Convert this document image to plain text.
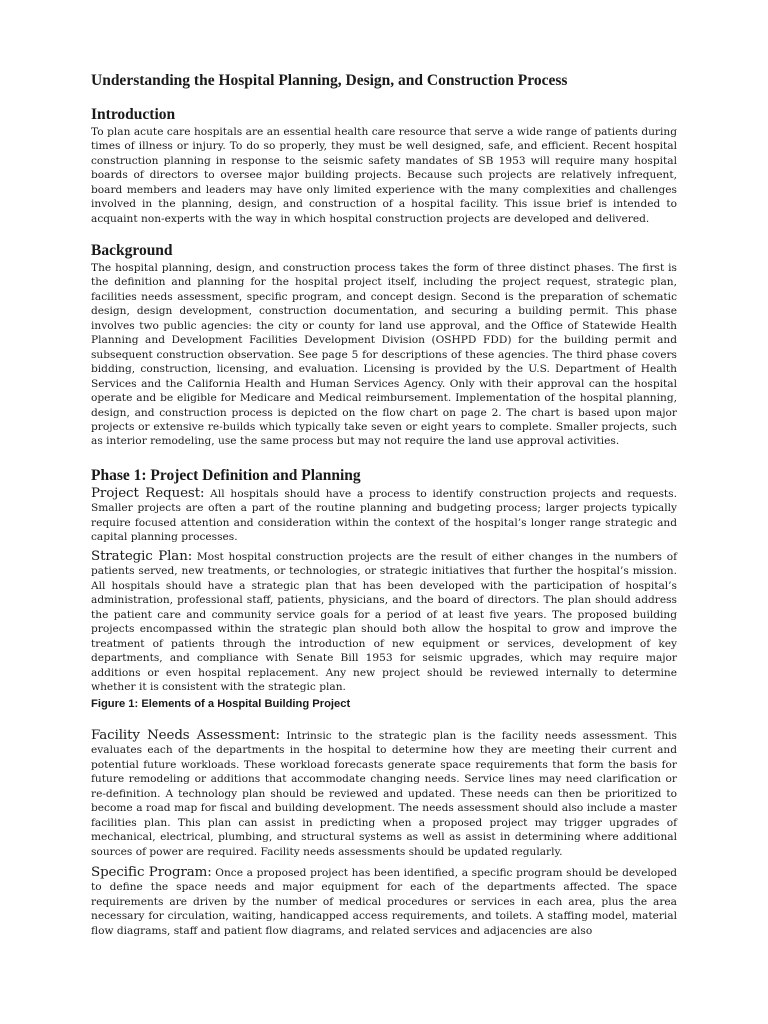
Understanding the Hospital Planning, Design, and Construction Process
Introduction

To plan acute care hospitals are an essential health care resource that serve a wide range of patients during times of illness or injury. To do so properly, they must be well designed, safe, and efficient. Recent hospital construction planning in response to the seismic safety mandates of SB 1953 will require many hospital boards of directors to oversee major building projects. Because such projects are relatively infrequent, board members and leaders may have only limited experience with the many complexities and challenges involved in the planning, design, and construction of a hospital facility. This issue brief is intended to acquaint non-experts with the way in which hospital construction projects are developed and delivered.

Background

The hospital planning, design, and construction process takes the form of three distinct phases. The first is the definition and planning for the hospital project itself, including the project request, strategic plan, facilities needs assessment, specific program, and concept design. Second is the preparation of schematic design, design development, construction documentation, and securing a building permit. This phase involves two public agencies: the city or county for land use approval, and the Office of Statewide Health Planning and Development Facilities Development Division (OSHPD FDD) for the building permit and subsequent construction observation. See page 5 for descriptions of these agencies. The third phase covers bidding, construction, licensing, and evaluation. Licensing is provided by the U.S. Department of Health Services and the California Health and Human Services Agency. Only with their approval can the hospital operate and be eligible for Medicare and Medical reimbursement. Implementation of the hospital planning, design, and construction process is depicted on the flow chart on page 2. The chart is based upon major projects or extensive re-builds which typically take seven or eight years to complete. Smaller projects, such as interior remodeling, use the same process but may not require the land use approval activities.

Phase 1: Project Definition and Planning

Project Request: All hospitals should have a process to identify construction projects and requests. Smaller projects are often a part of the routine planning and budgeting process; larger projects typically require focused attention and consideration within the context of the hospital’s longer range strategic and capital planning processes.

Strategic Plan: Most hospital construction projects are the result of either changes in the numbers of patients served, new treatments, or technologies, or strategic initiatives that further the hospital’s mission. All hospitals should have a strategic plan that has been developed with the participation of hospital’s administration, professional staff, patients, physicians, and the board of directors. The plan should address the patient care and community service goals for a period of at least five years. The proposed building projects encompassed within the strategic plan should both allow the hospital to grow and improve the treatment of patients through the introduction of new equipment or services, development of key departments, and compliance with Senate Bill 1953 for seismic upgrades, which may require major additions or even hospital replacement. Any new project should be reviewed internally to determine whether it is consistent with the strategic plan.

Figure 1: Elements of a Hospital Building Project

Facility Needs Assessment: Intrinsic to the strategic plan is the facility needs assessment. This evaluates each of the departments in the hospital to determine how they are meeting their current and potential future workloads. These workload forecasts generate space requirements that form the basis for future remodeling or additions that accommodate changing needs. Service lines may need clarification or re-definition. A technology plan should be reviewed and updated. These needs can then be prioritized to become a road map for fiscal and building development. The needs assessment should also include a master facilities plan. This plan can assist in predicting when a proposed project may trigger upgrades of mechanical, electrical, plumbing, and structural systems as well as assist in determining where additional sources of power are required. Facility needs assessments should be updated regularly.

Specific Program: Once a proposed project has been identified, a specific program should be developed to define the space needs and major equipment for each of the departments affected. The space requirements are driven by the number of medical procedures or services in each area, plus the area necessary for circulation, waiting, handicapped access requirements, and toilets. A staffing model, material flow diagrams, staff and patient flow diagrams, and related services and adjacencies are also
